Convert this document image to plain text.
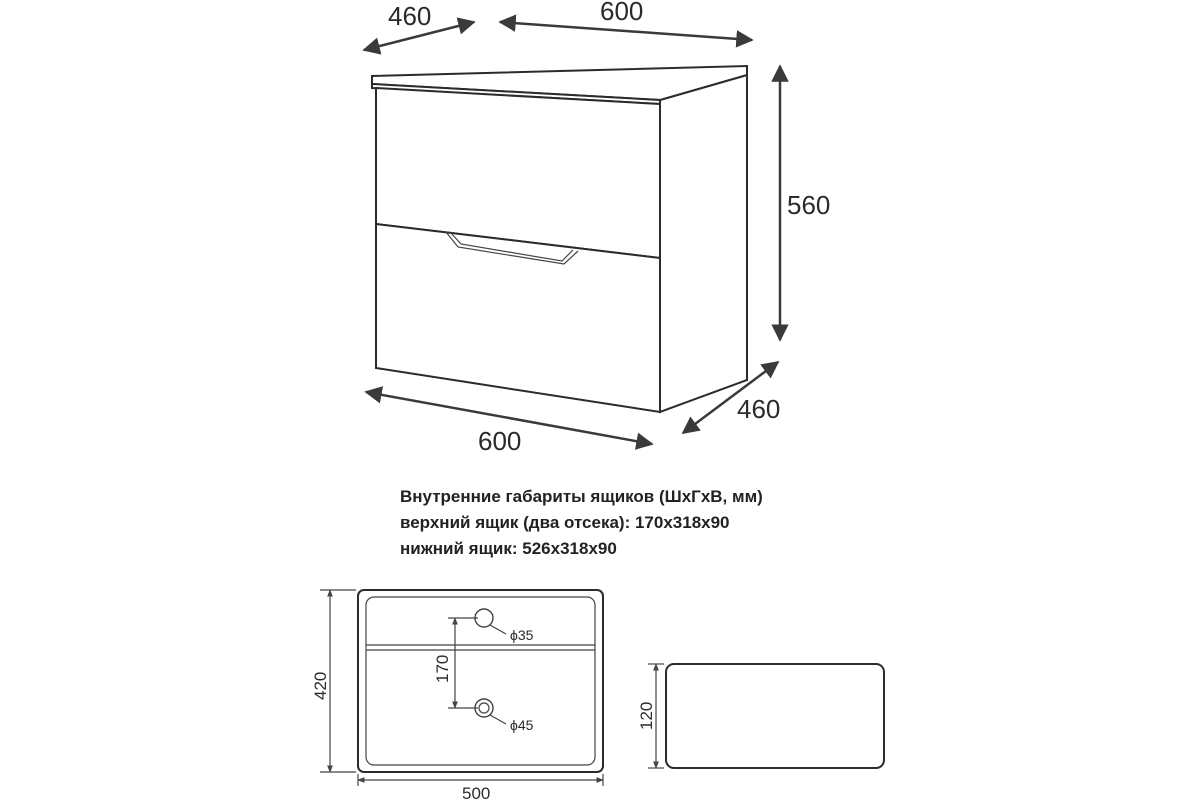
460	600
560
460
600
ϕ35
ϕ45
170
420
500
120
Внутренние габариты ящиков (ШхГхВ, мм)
верхний ящик (два отсека): 170х318х90
нижний ящик: 526х318х90
